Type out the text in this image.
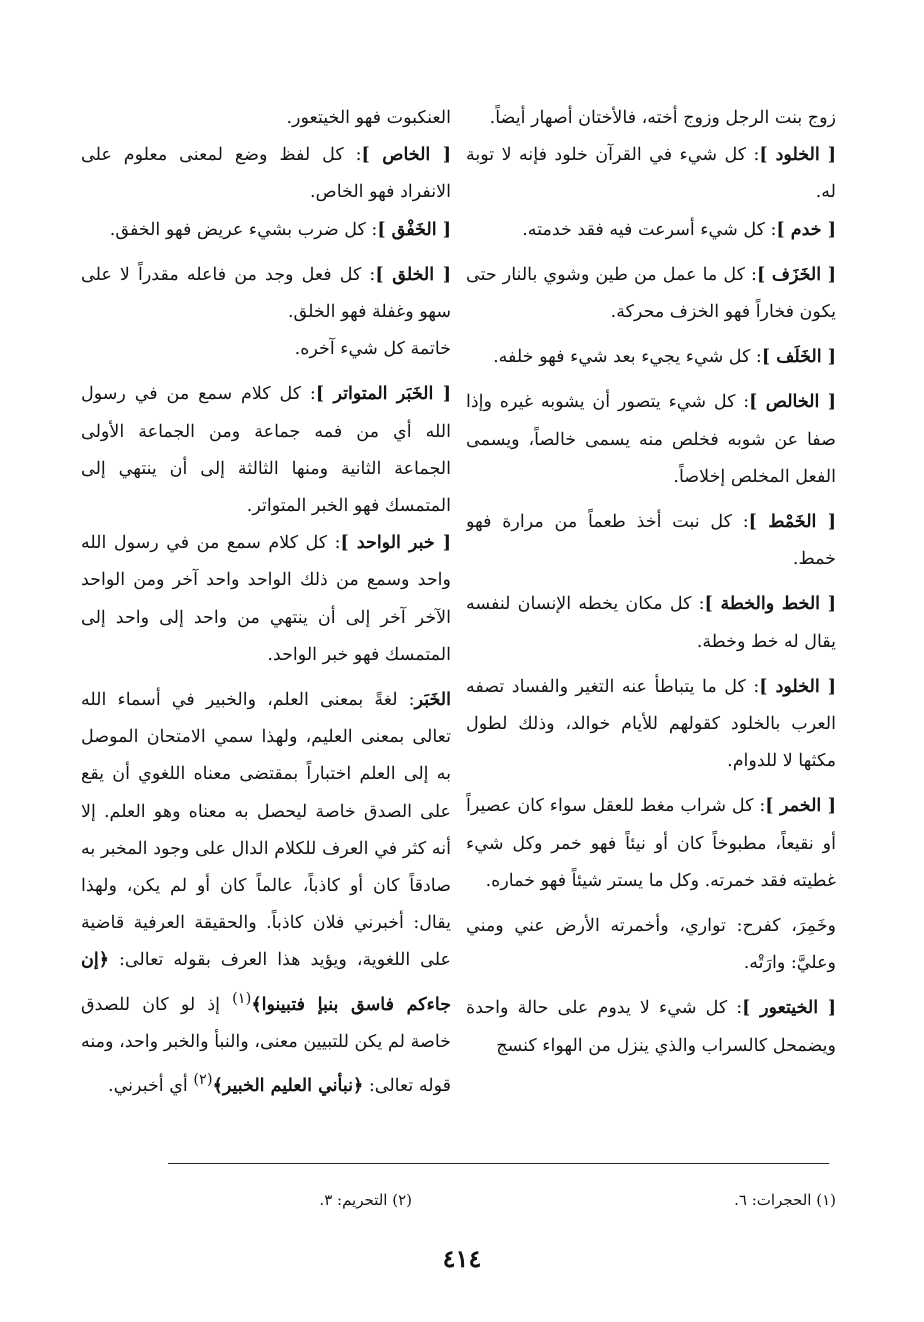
زوج بنت الرجل وزوج أخته، فالأختان أصهار أيضاً.
[ الخلود ]: كل شيء في القرآن خلود فإنه لا توبة له.
[ خدم ]: كل شيء أسرعت فيه فقد خدمته.
[ الخَزَف ]: كل ما عمل من طين وشوي بالنار حتى يكون فخاراً فهو الخزف محركة.
[ الخَلَف ]: كل شيء يجيء بعد شيء فهو خلفه.
[ الخالص ]: كل شيء يتصور أن يشوبه غيره وإذا صفا عن شوبه فخلص منه يسمى خالصاً، ويسمى الفعل المخلص إخلاصاً.
[ الخَمْط ]: كل نبت أخذ طعماً من مرارة فهو خمط.
[ الخط والخطة ]: كل مكان يخطه الإنسان لنفسه يقال له خط وخطة.
[ الخلود ]: كل ما يتباطأ عنه التغير والفساد تصفه العرب بالخلود كقولهم للأيام خوالد، وذلك لطول مكثها لا للدوام.
[ الخمر ]: كل شراب مغط للعقل سواء كان عصيراً أو نقيعاً، مطبوخاً كان أو نيئاً فهو خمر وكل شيء غطيته فقد خمرته. وكل ما يستر شيئاً فهو خماره.
وخَمِرَ، كفرح: تواري، وأخمرته الأرض عني ومني وعليَّ: وارَتْه.
[ الخيتعور ]: كل شيء لا يدوم على حالة واحدة ويضمحل كالسراب والذي ينزل من الهواء كنسج
العنكبوت فهو الخيتعور.
[ الخاص ]: كل لفظ وضع لمعنى معلوم على الانفراد فهو الخاص.
[ الخَفْق ]: كل ضرب بشيء عريض فهو الخفق.
[ الخلق ]: كل فعل وجد من فاعله مقدراً لا على سهو وغفلة فهو الخلق.
خاتمة كل شيء آخره.
[ الخَبَر المتواتر ]: كل كلام سمع من في رسول الله أي من فمه جماعة ومن الجماعة الأولى الجماعة الثانية ومنها الثالثة إلى أن ينتهي إلى المتمسك فهو الخبر المتواتر.
[ خبر الواحد ]: كل كلام سمع من في رسول الله واحد وسمع من ذلك الواحد واحد آخر ومن الواحد الآخر آخر إلى أن ينتهي من واحد إلى واحد إلى المتمسك فهو خبر الواحد.
الخَبَر: لغةً بمعنى العلم، والخبير في أسماء الله تعالى بمعنى العليم، ولهذا سمي الامتحان الموصل به إلى العلم اختباراً بمقتضى معناه اللغوي أن يقع على الصدق خاصة ليحصل به معناه وهو العلم. إلا أنه كثر في العرف للكلام الدال على وجود المخبر به صادقاً كان أو كاذباً، عالماً كان أو لم يكن، ولهذا يقال: أخبرني فلان كاذباً. والحقيقة العرفية قاضية على اللغوية، ويؤيد هذا العرف بقوله تعالى: ﴿إن جاءكم فاسق بنبإ فتبينوا﴾$^{(١)}$ إذ لو كان للصدق خاصة لم يكن للتبيين معنى، والنبأ والخبر واحد، ومنه قوله تعالى: ﴿نبأني العليم الخبير﴾$^{(٢)}$ أي أخبرني.
(١) الحجرات: ٦.
(٢) التحريم: ٣.
٤١٤
